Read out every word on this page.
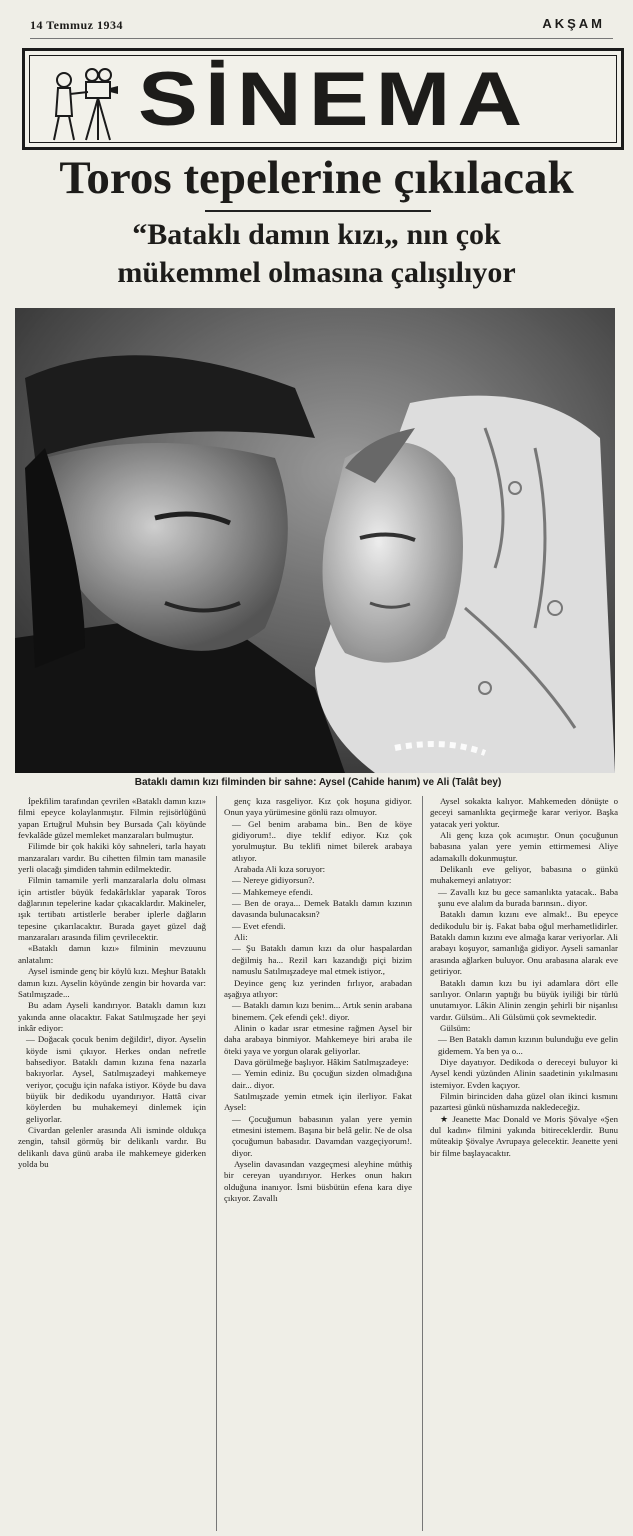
14 Temmuz 1934	AKŞAM
SİNEMA
Toros tepelerine çıkılacak
“Bataklı damın kızı„ nın çok
mükemmel olmasına çalışılıyor
Bataklı damın kızı filminden bir sahne: Aysel (Cahide hanım) ve Ali (Talât bey)

İpekfilim tarafından çevrilen «Bataklı damın kızı» filmi epeyce kolaylanmıştır. Filmin rejisörlüğünü yapan Ertuğrul Muhsin bey Bursada Çalı köyünde fevkalâde güzel memleket manzaraları bulmuştur.

Filimde bir çok hakiki köy sahneleri, tarla hayatı manzaraları vardır. Bu cihetten filmin tam manasile yerli olacağı şimdiden tahmin edilmektedir.

Filmin tamamile yerli manzaralarla dolu olması için artistler büyük fedakârlıklar yaparak Toros dağlarının tepelerine kadar çıkacaklardır. Makineler, ışık tertibatı artistlerle beraber iplerle dağların tepesine çıkarılacaktır. Burada gayet güzel dağ manzaraları arasında filim çevrilecektir.

«Bataklı damın kızı» filminin mevzuunu anlatalım:

Aysel isminde genç bir köylü kızı. Meşhur Bataklı damın kızı. Ayselin köyünde zengin bir hovarda var: Satılmışzade...

Bu adam Ayseli kandırıyor. Bataklı damın kızı yakında anne olacaktır. Fakat Satılmışzade her şeyi inkâr ediyor:

— Doğacak çocuk benim değildir!, diyor. Ayselin köyde ismi çıkıyor. Herkes ondan nefretle bahsediyor. Bataklı damın kızına fena nazarla bakıyorlar. Aysel, Satılmışzadeyi mahkemeye veriyor, çocuğu için nafaka istiyor. Köyde bu dava büyük bir dedikodu uyandırıyor. Hattâ civar köylerden bu muhakemeyi dinlemek için geliyorlar.

Civardan gelenler arasında Ali isminde oldukça zengin, tahsil görmüş bir delikanlı vardır. Bu delikanlı dava günü araba ile mahkemeye giderken yolda bu

genç kıza rasgeliyor. Kız çok hoşuna gidiyor. Onun yaya yürümesine gönlü razı olmuyor.

— Gel benim arabama bin.. Ben de köye gidiyorum!.. diye teklif ediyor. Kız çok yorulmuştur. Bu teklifi nimet bilerek arabaya atlıyor.

Arabada Ali kıza soruyor:

— Nereye gidiyorsun?.

— Mahkemeye efendi.

— Ben de oraya... Demek Bataklı damın kızının davasında bulunacaksın?

— Evet efendi.

Ali:

— Şu Bataklı damın kızı da olur haspalardan değilmiş ha... Rezil karı kazandığı piçi bizim namuslu Satılmışzadeye mal etmek istiyor.,

Deyince genç kız yerinden fırlıyor, arabadan aşağıya atlıyor:

— Bataklı damın kızı benim... Artık senin arabana binemem. Çek efendi çek!. diyor.

Alinin o kadar ısrar etmesine rağmen Aysel bir daha arabaya binmiyor. Mahkemeye biri araba ile öteki yaya ve yorgun olarak geliyorlar.

Dava görülmeğe başlıyor. Hâkim Satılmışzadeye:

— Yemin ediniz. Bu çocuğun sizden olmadığına dair... diyor.

Satılmışzade yemin etmek için ilerliyor. Fakat Aysel:

— Çocuğumun babasının yalan yere yemin etmesini istemem. Başına bir belâ gelir. Ne de olsa çocuğumun babasıdır. Davamdan vazgeçiyorum!. diyor.

Ayselin davasından vazgeçmesi aleyhine müthiş bir cereyan uyandırıyor. Herkes onun hakırı olduğuna inanıyor. İsmi büsbütün efena kara diye çıkıyor. Zavallı

Aysel sokakta kalıyor. Mahkemeden dönüşte o geceyi samanlıkta geçirmeğe karar veriyor. Başka yatacak yeri yoktur.

Ali genç kıza çok acımıştır. Onun çocuğunun babasına yalan yere yemin ettirmemesi Aliye adamakıllı dokunmuştur.

Delikanlı eve geliyor, babasına o günkü muhakemeyi anlatıyor:

— Zavallı kız bu gece samanlıkta yatacak.. Baba şunu eve alalım da burada barınsın.. diyor.

Bataklı damın kızını eve almak!.. Bu epeyce dedikodulu bir iş. Fakat baba oğul merhametlidirler. Bataklı damın kızını eve almağa karar veriyorlar. Ali arabayı koşuyor, samanlığa gidiyor. Ayseli samanlar arasında ağlarken buluyor. Onu arabasına alarak eve getiriyor.

Bataklı damın kızı bu iyi adamlara dört elle sarılıyor. Onların yaptığı bu büyük iyiliği bir türlü unutamıyor. Lâkin Alinin zengin şehirli bir nişanlısı vardır. Gülsüm.. Ali Gülsümü çok sevmektedir.

Gülsüm:

— Ben Bataklı damın kızının bulunduğu eve gelin gidemem. Ya ben ya o...

Diye dayatıyor. Dedikoda o dereceyi buluyor ki Aysel kendi yüzünden Alinin saadetinin yıkılmasını istemiyor. Evden kaçıyor.

Filmin birinciden daha güzel olan ikinci kısmını pazartesi günkü nüshamızda nakledeceğiz.

★ Jeanette Mac Donald ve Moris Şövalye «Şen dul kadın» filmini yakında bitireceklerdir. Bunu müteakip Şövalye Avrupaya gelecektir. Jeanette yeni bir filme başlayacaktır.
